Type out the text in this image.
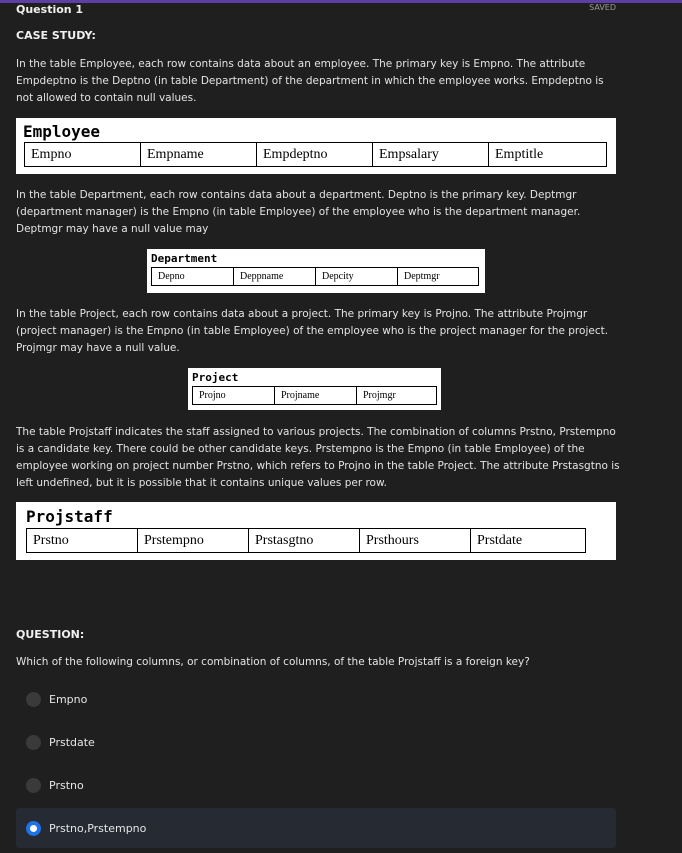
Question 1	SAVED
CASE STUDY:
In the table Employee, each row contains data about an employee. The primary key is Empno. The attribute Empdeptno is the Deptno (in table Department) of the department in which the employee works. Empdeptno is not allowed to contain null values.
Employee
Empno	Empname	Empdeptno	Empsalary	Emptitle
In the table Department, each row contains data about a department. Deptno is the primary key. Deptmgr (department manager) is the Empno (in table Employee) of the employee who is the department manager. Deptmgr may have a null value may
Department
Depno	Deppname	Depcity	Deptmgr
In the table Project, each row contains data about a project. The primary key is Projno. The attribute Projmgr (project manager) is the Empno (in table Employee) of the employee who is the project manager for the project. Projmgr may have a null value.
Project
Projno	Projname	Projmgr
The table Projstaff indicates the staff assigned to various projects. The combination of columns Prstno, Prstempno is a candidate key. There could be other candidate keys. Prstempno is the Empno (in table Employee) of the employee working on project number Prstno, which refers to Projno in the table Project. The attribute Prstasgtno is left undefined, but it is possible that it contains unique values per row.
Projstaff
Prstno	Prstempno	Prstasgtno	Prsthours	Prstdate
QUESTION:
Which of the following columns, or combination of columns, of the table Projstaff is a foreign key?
Empno
Prstdate
Prstno
Prstno,Prstempno
